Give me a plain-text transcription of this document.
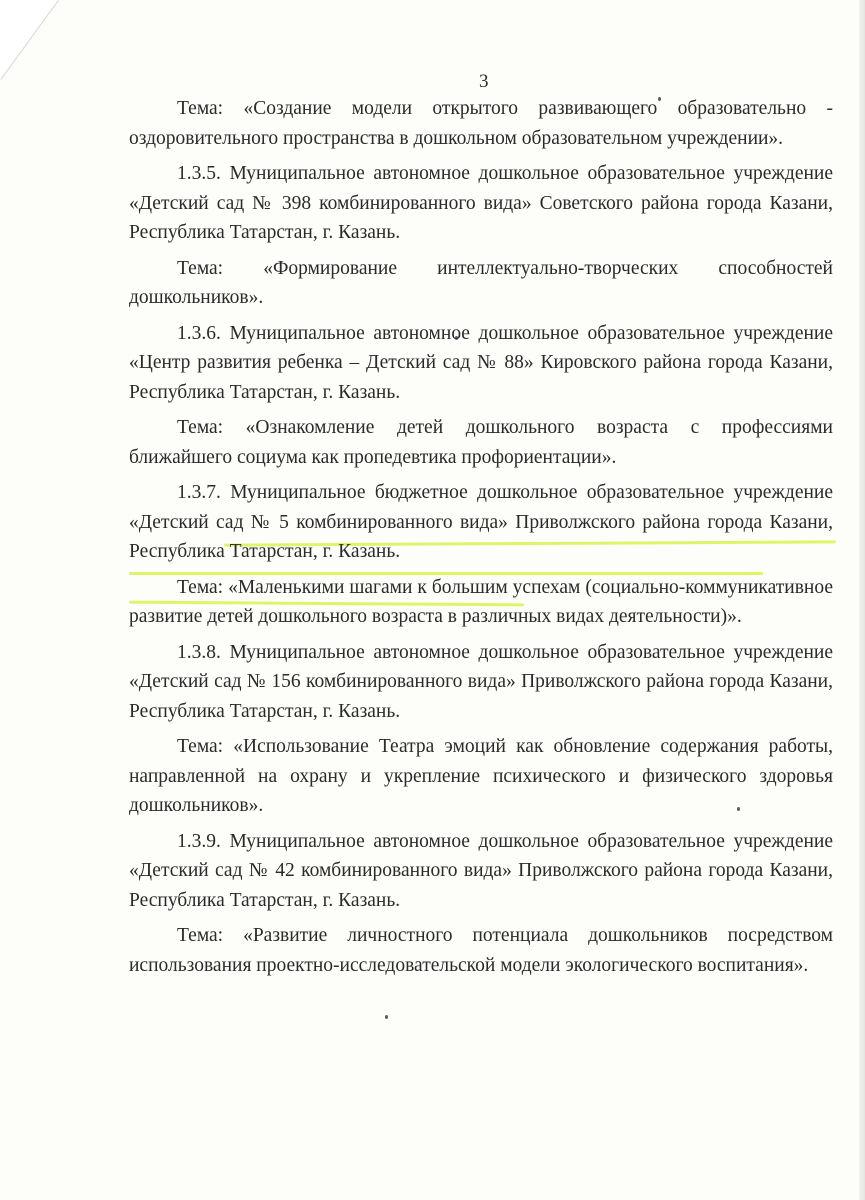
3

Тема: «Создание модели открытого развивающего образовательно - оздоровительного пространства в дошкольном образовательном учреждении».

1.3.5. Муниципальное автономное дошкольное образовательное учреждение «Детский сад № 398 комбинированного вида» Советского района города Казани, Республика Татарстан, г. Казань.

Тема: «Формирование интеллектуально-творческих способностей дошкольников».

1.3.6. Муниципальное автономное дошкольное образовательное учреждение «Центр развития ребенка – Детский сад № 88» Кировского района города Казани, Республика Татарстан, г. Казань.

Тема: «Ознакомление детей дошкольного возраста с профессиями ближайшего социума как пропедевтика профориентации».

1.3.7. Муниципальное бюджетное дошкольное образовательное учреждение «Детский сад № 5 комбинированного вида» Приволжского района города Казани, Республика Татарстан, г. Казань.

Тема: «Маленькими шагами к большим успехам (социально-коммуникативное развитие детей дошкольного возраста в различных видах деятельности)».

1.3.8. Муниципальное автономное дошкольное образовательное учреждение «Детский сад № 156 комбинированного вида» Приволжского района города Казани, Республика Татарстан, г. Казань.

Тема: «Использование Театра эмоций как обновление содержания работы, направленной на охрану и укрепление психического и физического здоровья дошкольников».

1.3.9. Муниципальное автономное дошкольное образовательное учреждение «Детский сад № 42 комбинированного вида» Приволжского района города Казани, Республика Татарстан, г. Казань.

Тема: «Развитие личностного потенциала дошкольников посредством использования проектно-исследовательской модели экологического воспитания».
